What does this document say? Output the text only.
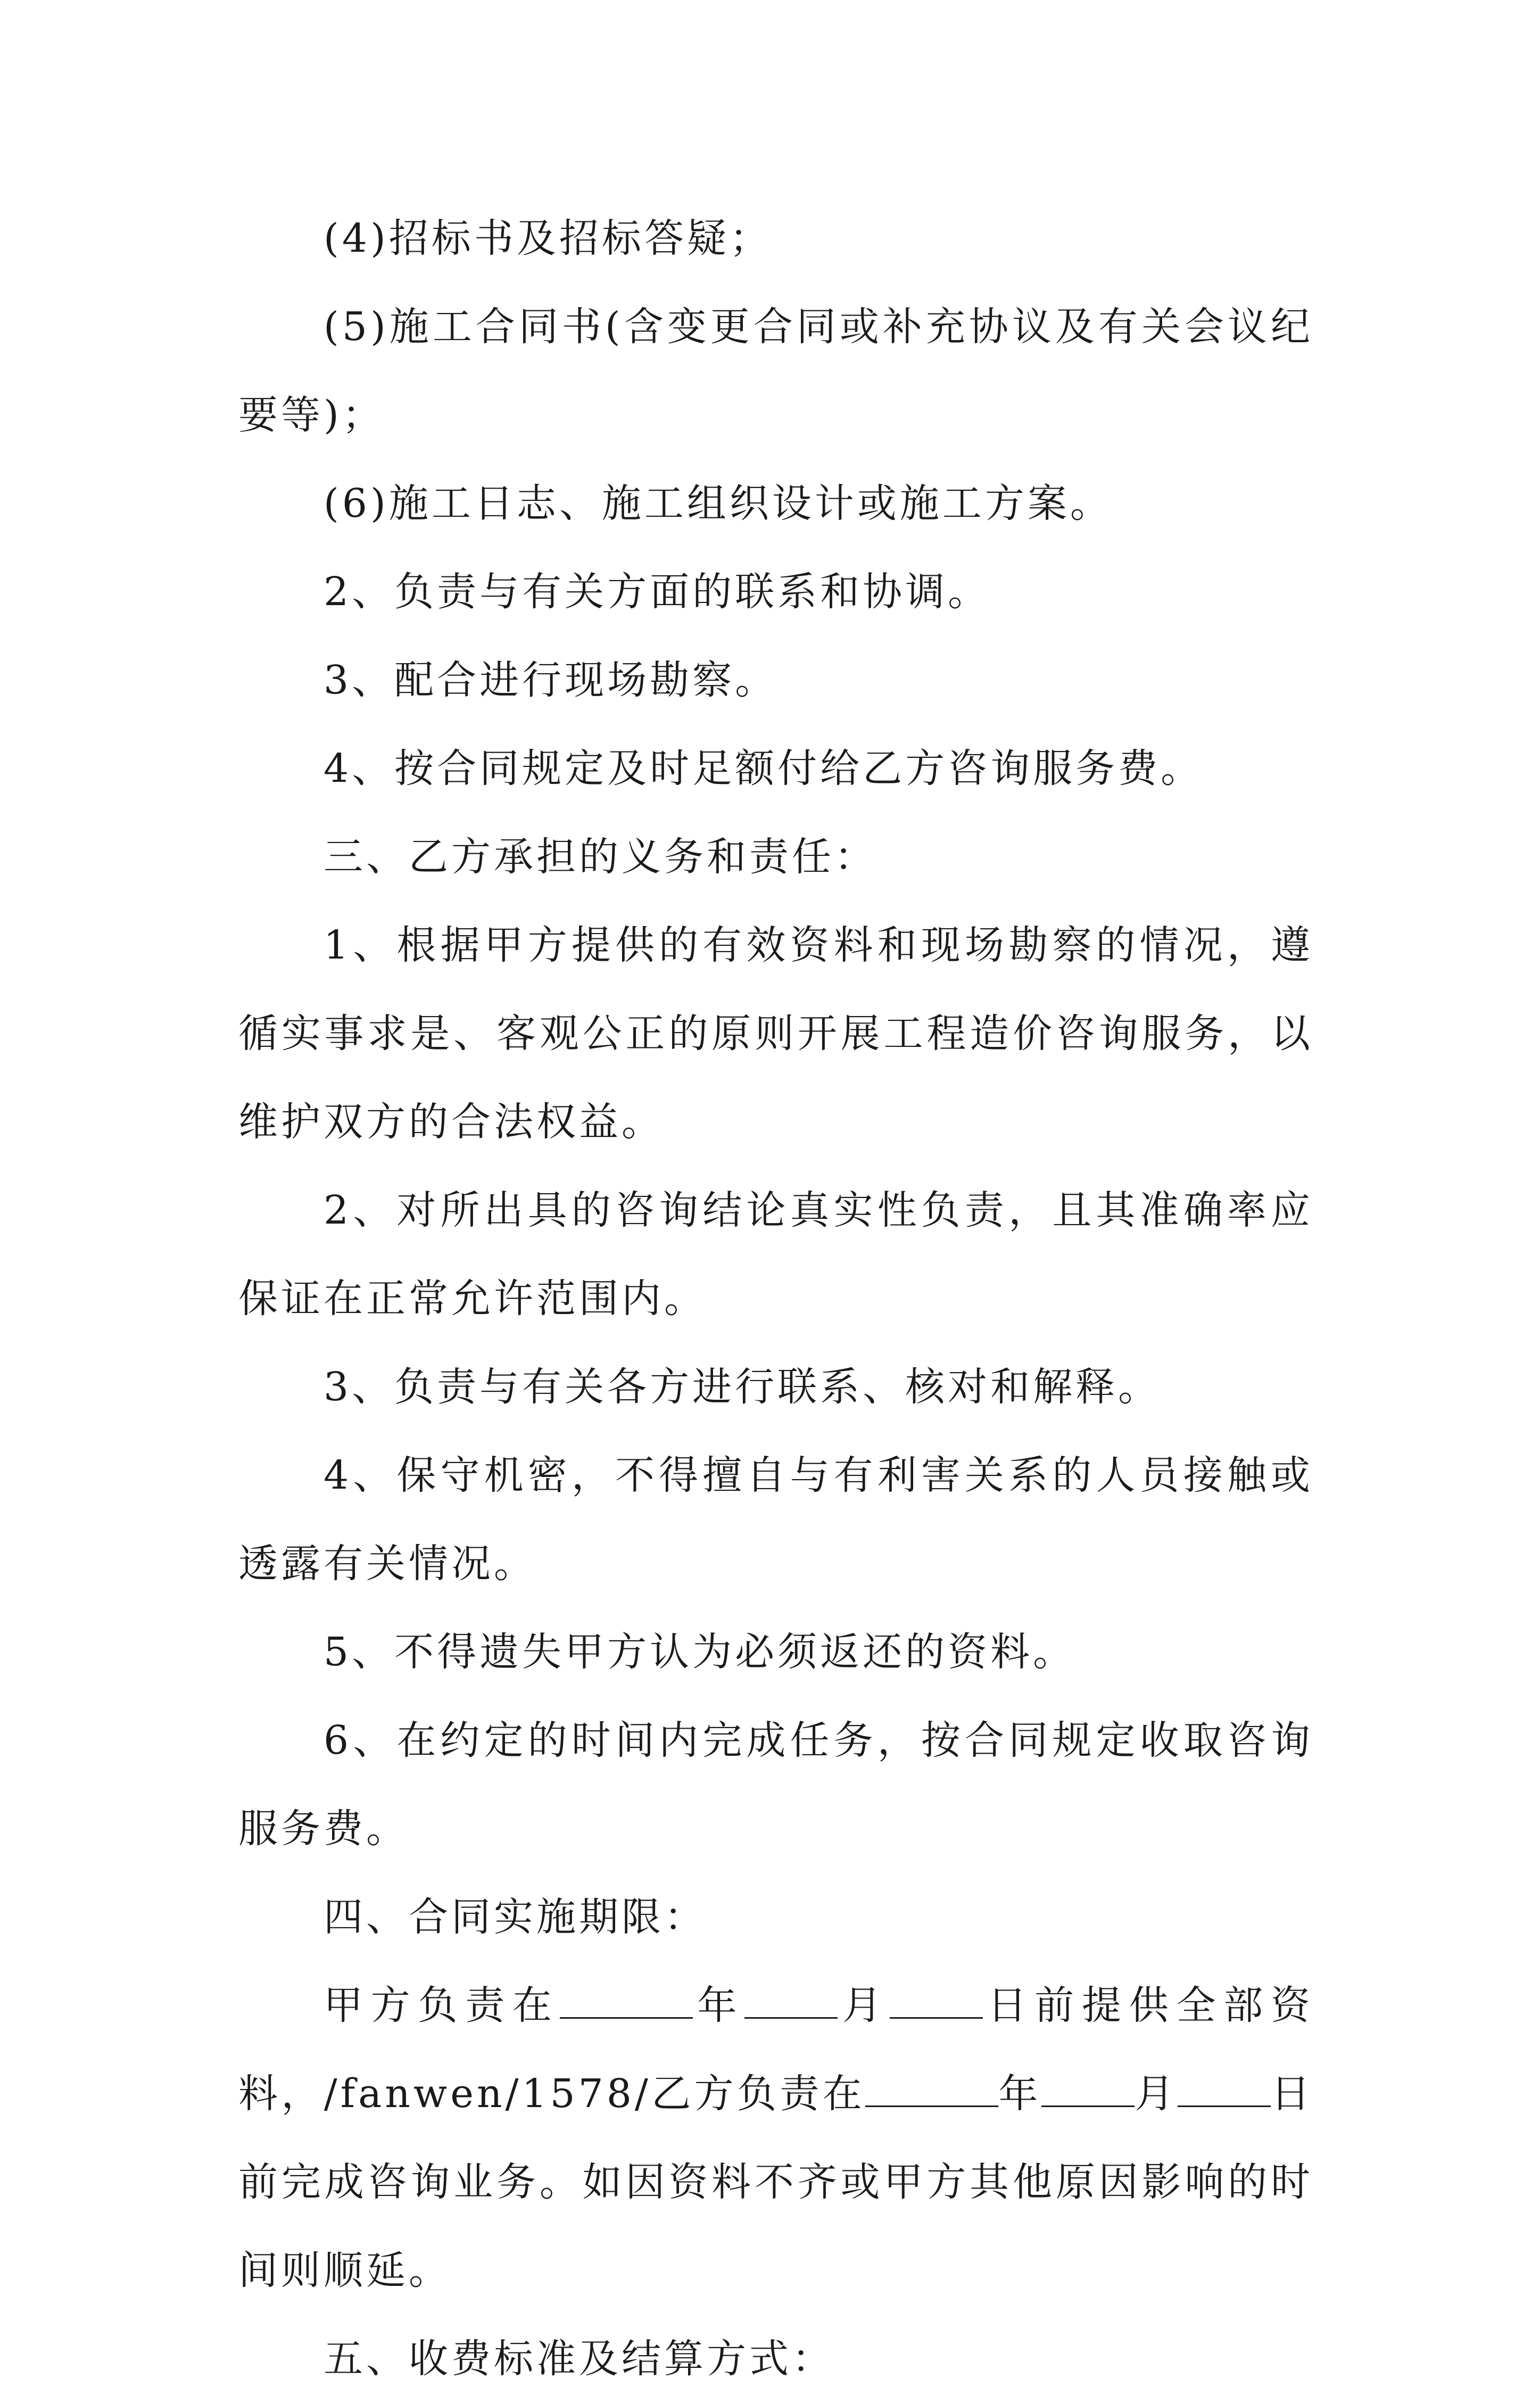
(4)招标书及招标答疑；

(5)施工合同书(含变更合同或补充协议及有关会议纪要等)；

(6)施工日志、施工组织设计或施工方案。

2、负责与有关方面的联系和协调。

3、配合进行现场勘察。

4、按合同规定及时足额付给乙方咨询服务费。

三、乙方承担的义务和责任：

1、根据甲方提供的有效资料和现场勘察的情况，遵循实事求是、客观公正的原则开展工程造价咨询服务，以维护双方的合法权益。

2、对所出具的咨询结论真实性负责，且其准确率应保证在正常允许范围内。

3、负责与有关各方进行联系、核对和解释。

4、保守机密，不得擅自与有利害关系的人员接触或透露有关情况。

5、不得遗失甲方认为必须返还的资料。

6、在约定的时间内完成任务，按合同规定收取咨询服务费。

四、合同实施期限：

甲方负责在	年 月 日前提供全部资料，/fanwen/1578/乙方负责在	年 月 日前完成咨询业务。如因资料不齐或甲方其他原因影响的时间则顺延。

五、收费标准及结算方式：
